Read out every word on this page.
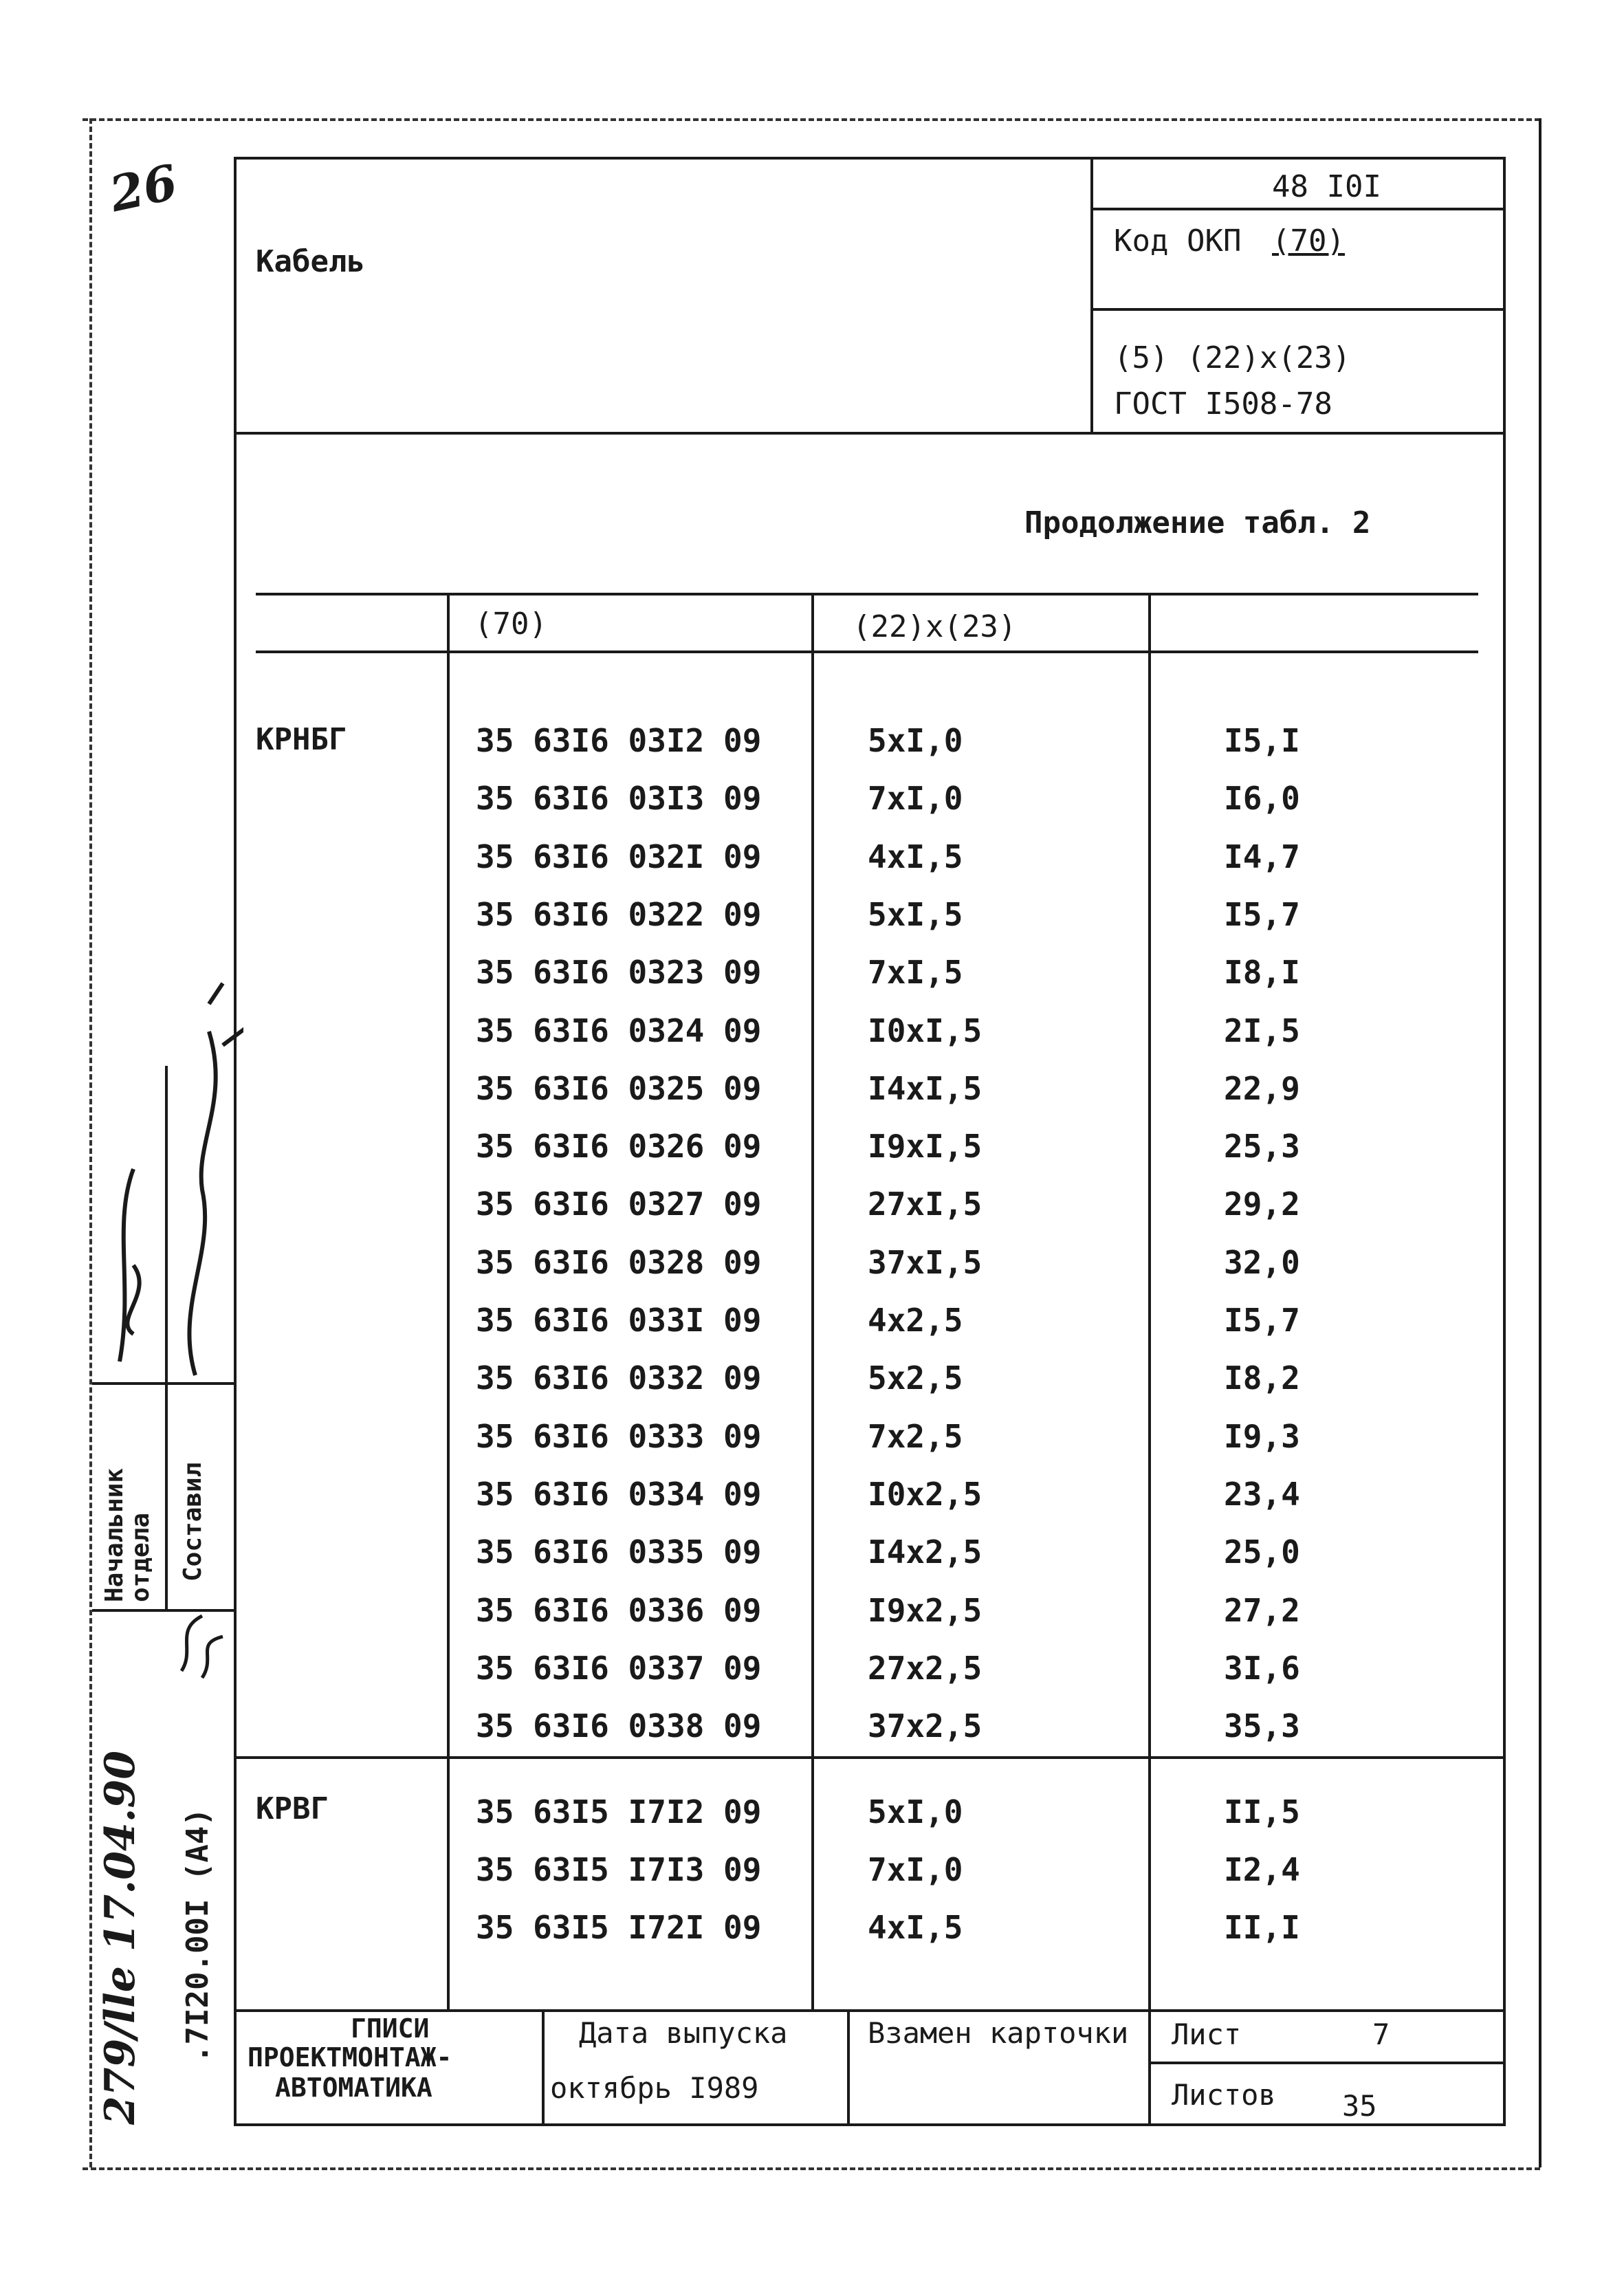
26
Кабель
48 I0I
Код ОКП (70)
(5) (22)x(23)
ГОСТ I508-78
Продолжение табл. 2
(70)	(22)x(23)
КРНБГ	35 63I6 03I2 09	5xI,0	I5,I
35 63I6 03I3 09	7xI,0	I6,0
35 63I6 032I 09	4xI,5	I4,7
35 63I6 0322 09	5xI,5	I5,7
35 63I6 0323 09	7xI,5	I8,I
35 63I6 0324 09	I0xI,5	2I,5
35 63I6 0325 09	I4xI,5	22,9
35 63I6 0326 09	I9xI,5	25,3
35 63I6 0327 09	27xI,5	29,2
35 63I6 0328 09	37xI,5	32,0
35 63I6 033I 09	4x2,5	I5,7
35 63I6 0332 09	5x2,5	I8,2
35 63I6 0333 09	7x2,5	I9,3
35 63I6 0334 09	I0x2,5	23,4
35 63I6 0335 09	I4x2,5	25,0
35 63I6 0336 09	I9x2,5	27,2
35 63I6 0337 09	27x2,5	3I,6
35 63I6 0338 09	37x2,5	35,3
КРВГ	35 63I5 I7I2 09	5xI,0	II,5
35 63I5 I7I3 09	7xI,0	I2,4
35 63I5 I72I 09	4xI,5	II,I
ГПИСИ
ПРОЕКТМОНТАЖ-
АВТОМАТИКА
Дата выпуска
октябрь I989
Взамен карточки Лист	7
Листов 35
Начальник отдела Составил
.7I20.00I (A4)
279/lle 17.04.90
